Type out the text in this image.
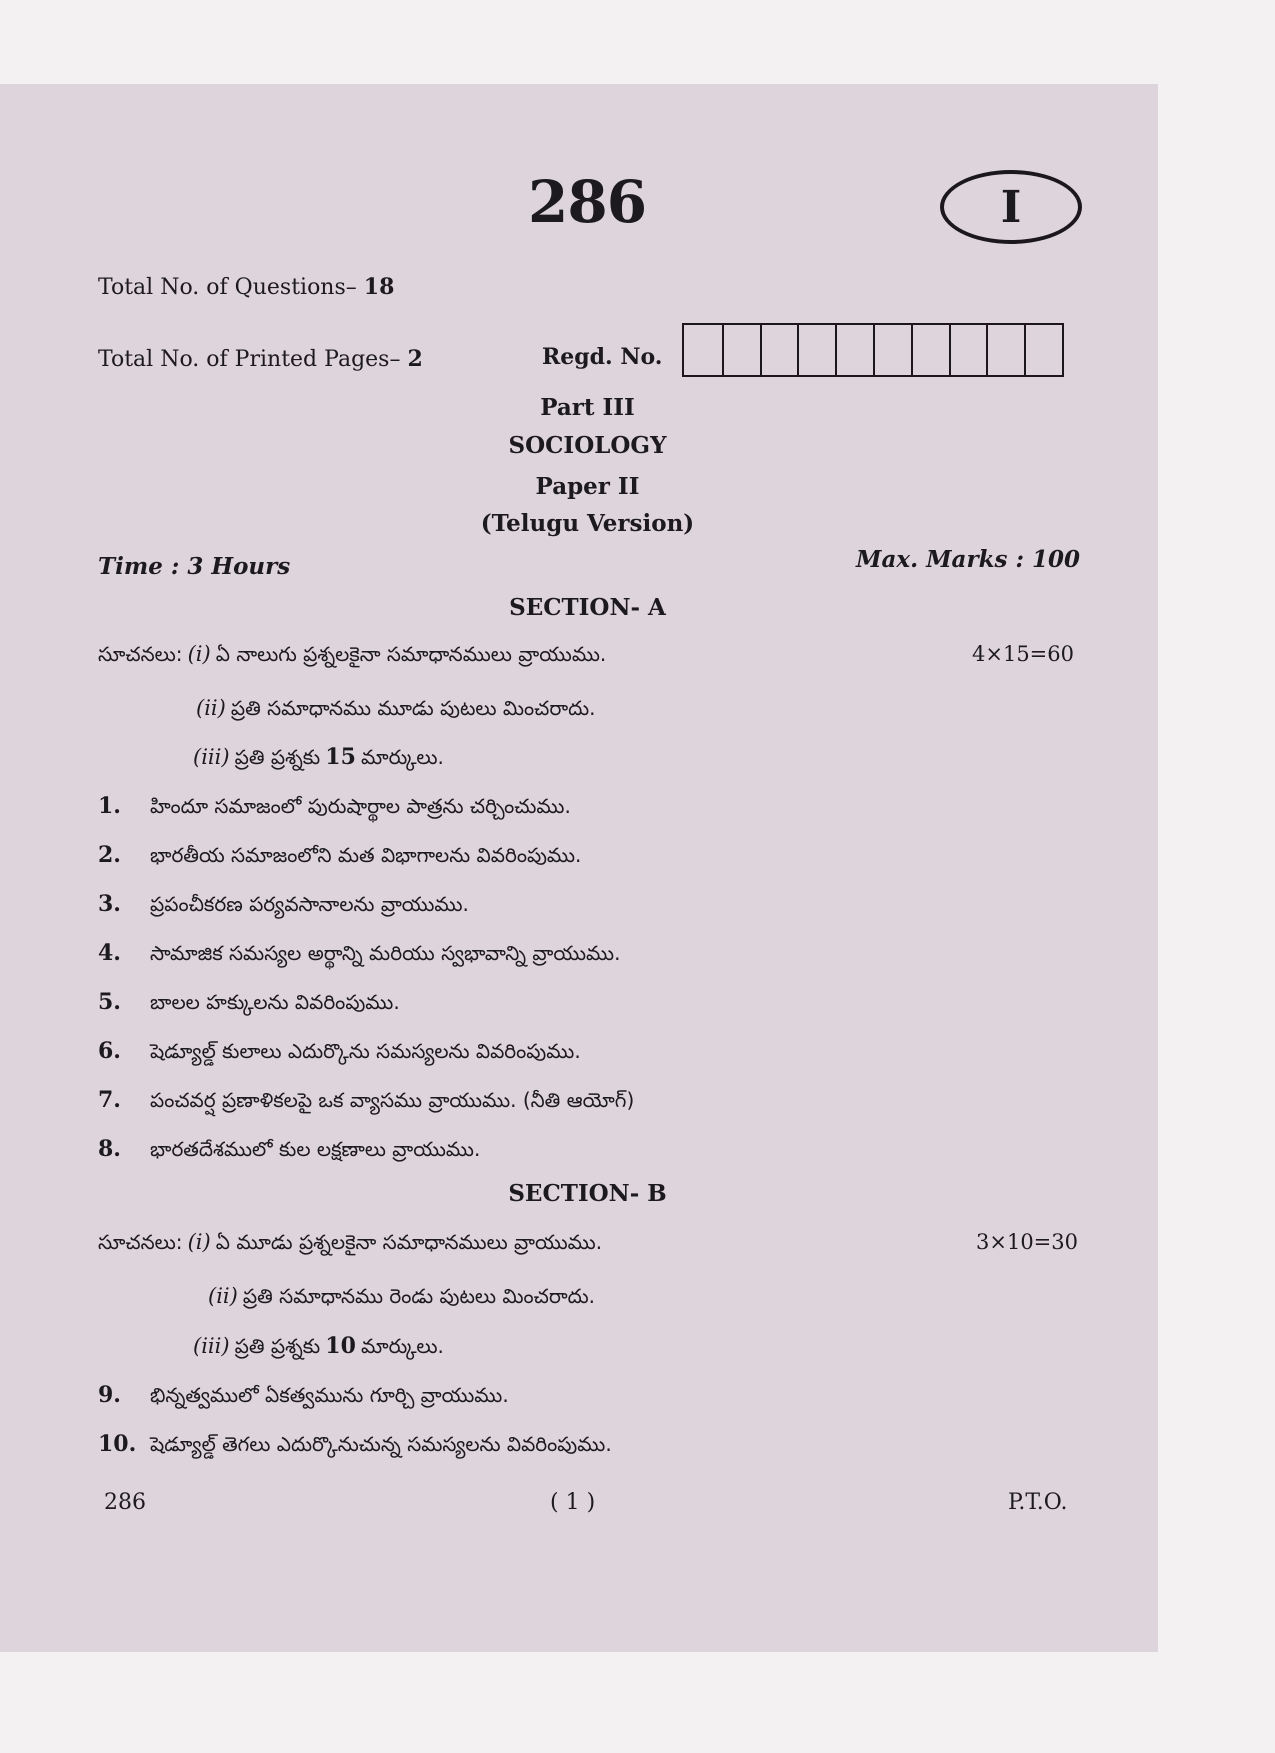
286	I
Total No. of Questions– 18
Total No. of Printed Pages– 2	Regd. No.
Part III
SOCIOLOGY
Paper II
(Telugu Version)
Time : 3 Hours	Max. Marks : 100
SECTION- A
సూచనలు: (i) ఏ నాలుగు ప్రశ్నలకైనా సమాధానములు వ్రాయుము.	4×15=60
(ii) ప్రతి సమాధానము మూడు పుటలు మించరాదు.
(iii) ప్రతి ప్రశ్నకు 15 మార్కులు.
1.	హిందూ సమాజంలో పురుషార్థాల పాత్రను చర్చించుము.
2.	భారతీయ సమాజంలోని మత విభాగాలను వివరింపుము.
3.	ప్రపంచీకరణ పర్యవసానాలను వ్రాయుము.
4.	సామాజిక సమస్యల అర్థాన్ని మరియు స్వభావాన్ని వ్రాయుము.
5.	బాలల హక్కులను వివరింపుము.
6.	షెడ్యూల్డ్ కులాలు ఎదుర్కొను సమస్యలను వివరింపుము.
7.	పంచవర్ష ప్రణాళికలపై ఒక వ్యాసము వ్రాయుము. (నీతి ఆయోగ్)
8.	భారతదేశములో కుల లక్షణాలు వ్రాయుము.
SECTION- B
సూచనలు: (i) ఏ మూడు ప్రశ్నలకైనా సమాధానములు వ్రాయుము.	3×10=30
(ii) ప్రతి సమాధానము రెండు పుటలు మించరాదు.
(iii) ప్రతి ప్రశ్నకు 10 మార్కులు.
9.	భిన్నత్వములో ఏకత్వమును గూర్చి వ్రాయుము.
10. షెడ్యూల్డ్ తెగలు ఎదుర్కొనుచున్న సమస్యలను వివరింపుము.
286	( 1 )	P.T.O.
